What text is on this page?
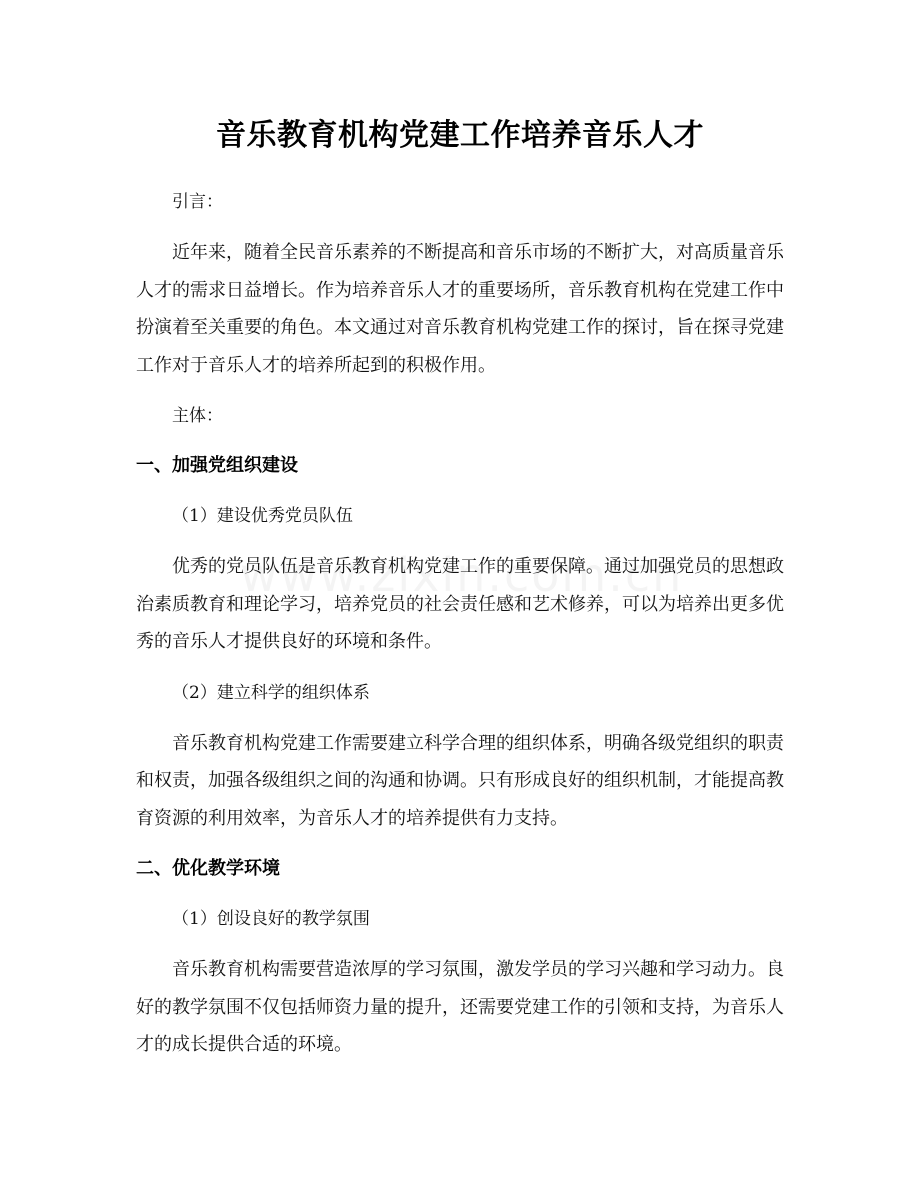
音乐教育机构党建工作培养音乐人才
引言：

近年来，随着全民音乐素养的不断提高和音乐市场的不断扩大，对高质量音乐人才的需求日益增长。作为培养音乐人才的重要场所，音乐教育机构在党建工作中扮演着至关重要的角色。本文通过对音乐教育机构党建工作的探讨，旨在探寻党建工作对于音乐人才的培养所起到的积极作用。

主体：
一、加强党组织建设
（1）建设优秀党员队伍

优秀的党员队伍是音乐教育机构党建工作的重要保障。通过加强党员的思想政治素质教育和理论学习，培养党员的社会责任感和艺术修养，可以为培养出更多优秀的音乐人才提供良好的环境和条件。

（2）建立科学的组织体系

音乐教育机构党建工作需要建立科学合理的组织体系，明确各级党组织的职责和权责，加强各级组织之间的沟通和协调。只有形成良好的组织机制，才能提高教育资源的利用效率，为音乐人才的培养提供有力支持。

二、优化教学环境
（1）创设良好的教学氛围

音乐教育机构需要营造浓厚的学习氛围，激发学员的学习兴趣和学习动力。良好的教学氛围不仅包括师资力量的提升，还需要党建工作的引领和支持，为音乐人才的成长提供合适的环境。
